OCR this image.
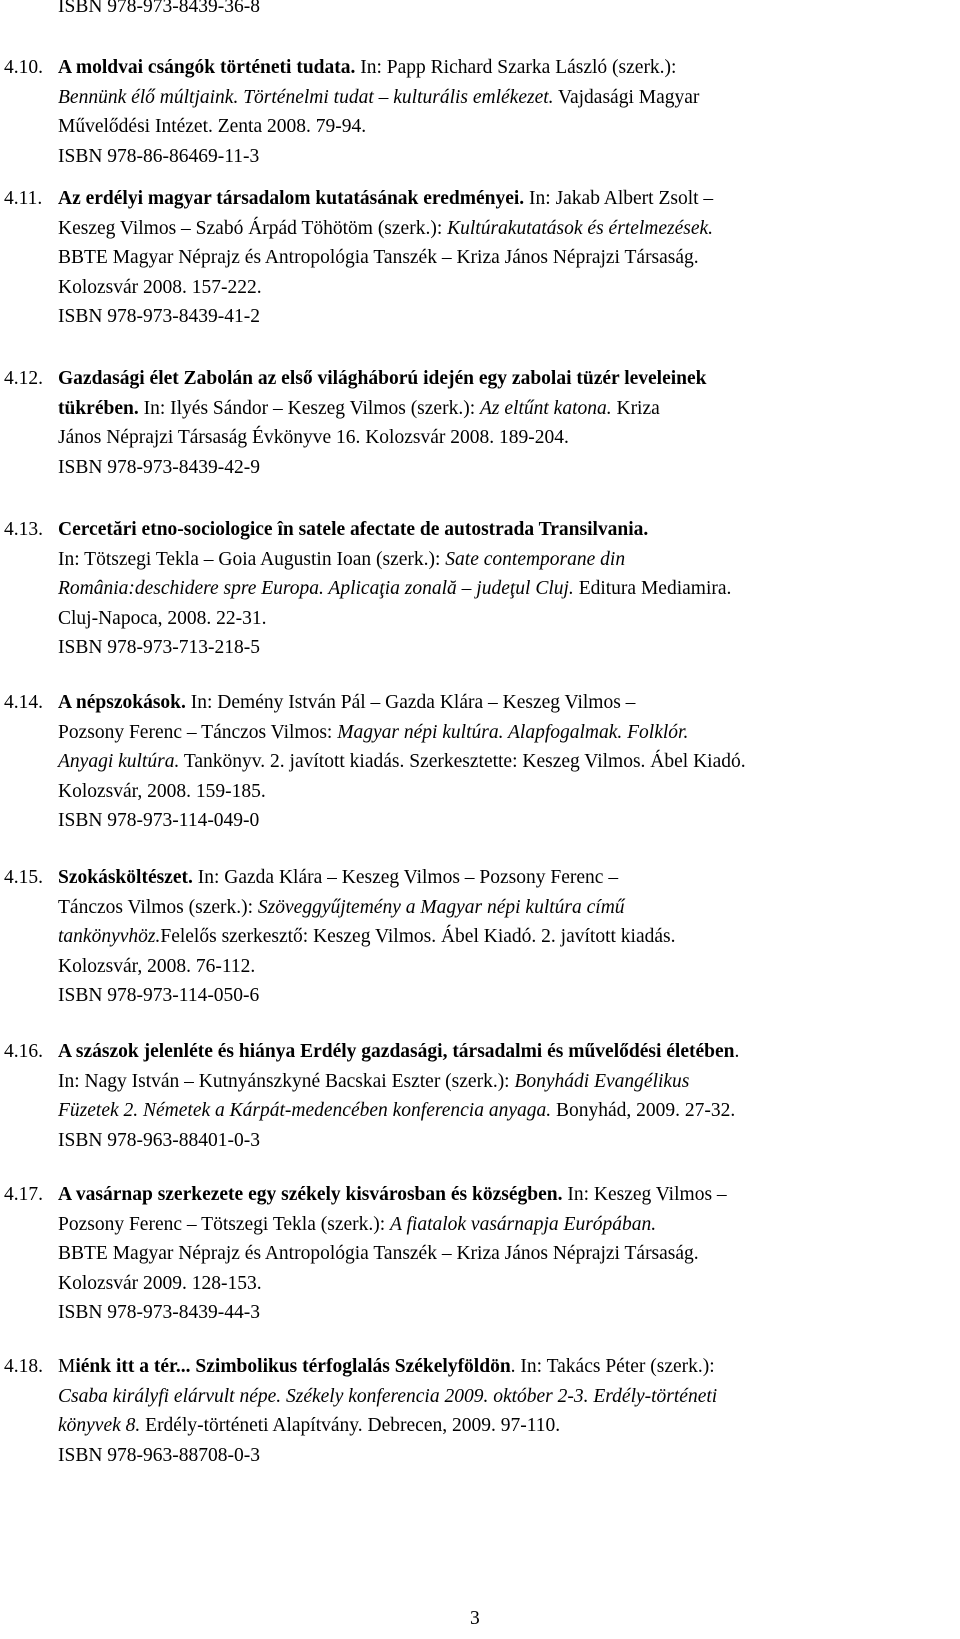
ISBN 978-973-8439-36-8
4.10. A moldvai csángók történeti tudata. In: Papp Richard Szarka László (szerk.):
Bennünk élő múltjaink. Történelmi tudat – kulturális emlékezet. Vajdasági Magyar
Művelődési Intézet. Zenta 2008. 79-94.
ISBN 978-86-86469-11-3
4.11. Az erdélyi magyar társadalom kutatásának eredményei. In: Jakab Albert Zsolt –
Keszeg Vilmos – Szabó Árpád Töhötöm (szerk.): Kultúrakutatások és értelmezések.
BBTE Magyar Néprajz és Antropológia Tanszék – Kriza János Néprajzi Társaság.
Kolozsvár 2008. 157-222.
ISBN 978-973-8439-41-2
4.12. Gazdasági élet Zabolán az első világháború idején egy zabolai tüzér leveleinek
tükrében. In: Ilyés Sándor – Keszeg Vilmos (szerk.): Az eltűnt katona. Kriza
János Néprajzi Társaság Évkönyve 16. Kolozsvár 2008. 189-204.
ISBN 978-973-8439-42-9
4.13. Cercetări etno-sociologice în satele afectate de autostrada Transilvania.
In: Tötszegi Tekla – Goia Augustin Ioan (szerk.): Sate contemporane din
România:deschidere spre Europa. Aplicaţia zonală – judeţul Cluj. Editura Mediamira.
Cluj-Napoca, 2008. 22-31.
ISBN 978-973-713-218-5
4.14. A népszokások. In: Demény István Pál – Gazda Klára – Keszeg Vilmos –
Pozsony Ferenc – Tánczos Vilmos: Magyar népi kultúra. Alapfogalmak. Folklór.
Anyagi kultúra. Tankönyv. 2. javított kiadás. Szerkesztette: Keszeg Vilmos. Ábel Kiadó.
Kolozsvár, 2008. 159-185.
ISBN 978-973-114-049-0
4.15. Szokásköltészet. In: Gazda Klára – Keszeg Vilmos – Pozsony Ferenc –
Tánczos Vilmos (szerk.): Szöveggyűjtemény a Magyar népi kultúra című
tankönyvhöz.Felelős szerkesztő: Keszeg Vilmos. Ábel Kiadó. 2. javított kiadás.
Kolozsvár, 2008. 76-112.
ISBN 978-973-114-050-6
4.16. A szászok jelenléte és hiánya Erdély gazdasági, társadalmi és művelődési életében.
In: Nagy István – Kutnyánszkyné Bacskai Eszter (szerk.): Bonyhádi Evangélikus
Füzetek 2. Németek a Kárpát-medencében konferencia anyaga. Bonyhád, 2009. 27-32.
ISBN 978-963-88401-0-3
4.17. A vasárnap szerkezete egy székely kisvárosban és községben. In: Keszeg Vilmos –
Pozsony Ferenc – Tötszegi Tekla (szerk.): A fiatalok vasárnapja Európában.
BBTE Magyar Néprajz és Antropológia Tanszék – Kriza János Néprajzi Társaság.
Kolozsvár 2009. 128-153.
ISBN 978-973-8439-44-3
4.18. Miénk itt a tér... Szimbolikus térfoglalás Székelyföldön. In: Takács Péter (szerk.):
Csaba királyfi elárvult népe. Székely konferencia 2009. október 2-3. Erdély-történeti
könyvek 8. Erdély-történeti Alapítvány. Debrecen, 2009. 97-110.
ISBN 978-963-88708-0-3
3
